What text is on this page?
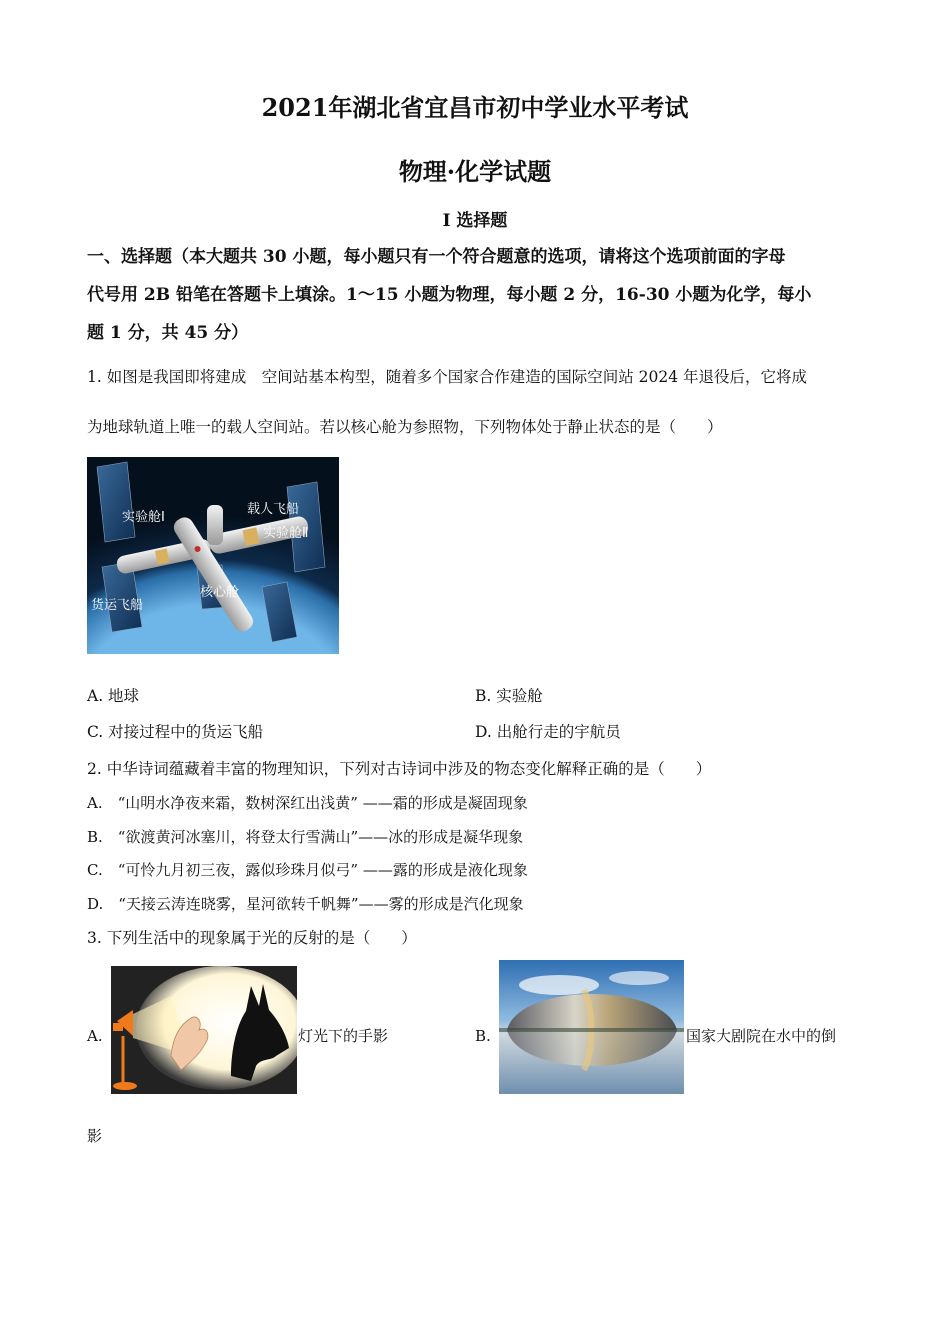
2021年湖北省宜昌市初中学业水平考试
物理·化学试题
I 选择题
一、选择题（本大题共 30 小题，每小题只有一个符合题意的选项，请将这个选项前面的字母
代号用 2B 铅笔在答题卡上填涂。1～15 小题为物理，每小题 2 分，16-30 小题为化学，每小
题 1 分，共 45 分）
1. 如图是我国即将建成　空间站基本构型，随着多个国家合作建造的国际空间站 2024 年退役后，它将成
为地球轨道上唯一的载人空间站。若以核心舱为参照物，下列物体处于静止状态的是（　　）
实验舱Ⅰ
载人飞船
实验舱Ⅱ
货运飞船
核心舱
A. 地球	B. 实验舱
C. 对接过程中的货运飞船	D. 出舱行走的宇航员
2. 中华诗词蕴藏着丰富的物理知识，下列对古诗词中涉及的物态变化解释正确的是（　　）
A.　“山明水净夜来霜，数树深红出浅黄” ——霜的形成是凝固现象
B.　“欲渡黄河冰塞川，将登太行雪满山”——冰的形成是凝华现象
C.　“可怜九月初三夜，露似珍珠月似弓” ——露的形成是液化现象
D.　“天接云涛连晓雾，星河欲转千帆舞”——雾的形成是汽化现象
3. 下列生活中的现象属于光的反射的是（　　）
A.	灯光下的手影	B.	国家大剧院在水中的倒
影
